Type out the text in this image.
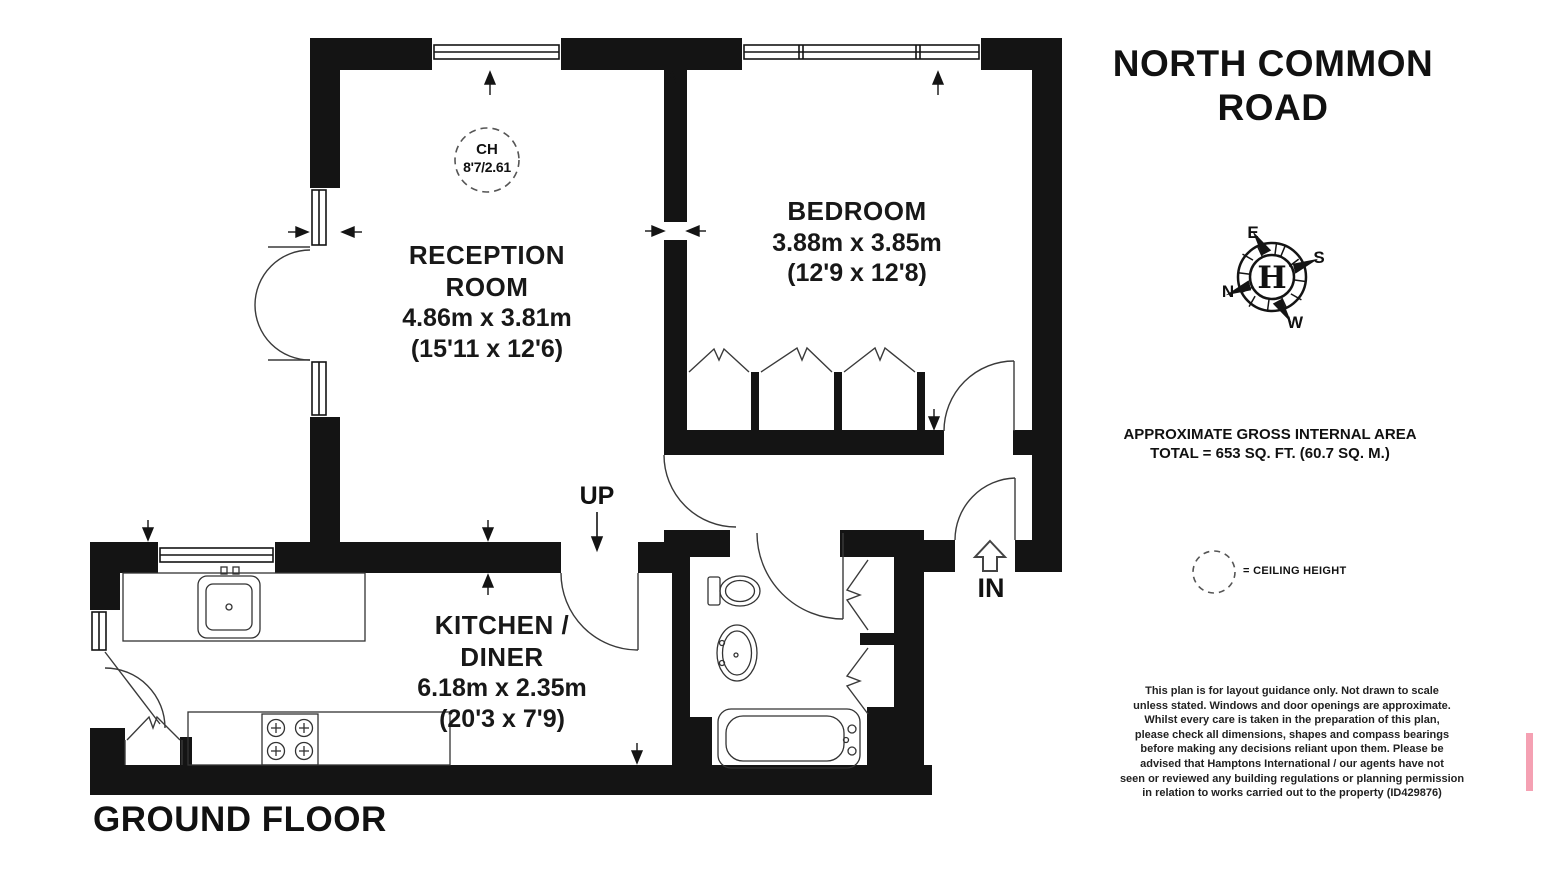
NORTH COMMON
ROAD
E
S
N
W
H
APPROXIMATE GROSS INTERNAL AREA
TOTAL = 653 SQ. FT. (60.7 SQ. M.)
= CEILING HEIGHT
CH
8'7/2.61
RECEPTION
ROOM
4.86m x 3.81m
(15'11 x 12'6)
BEDROOM
3.88m x 3.85m
(12'9 x 12'8)
KITCHEN /
DINER
6.18m x 2.35m
(20'3 x 7'9)
UP
IN
GROUND FLOOR
This plan is for layout guidance only. Not drawn to scale
unless stated. Windows and door openings are approximate.
Whilst every care is taken in the preparation of this plan,
please check all dimensions, shapes and compass bearings
before making any decisions reliant upon them. Please be
advised that Hamptons International / our agents have not
seen or reviewed any building regulations or planning permission
in relation to works carried out to the property (ID429876)
